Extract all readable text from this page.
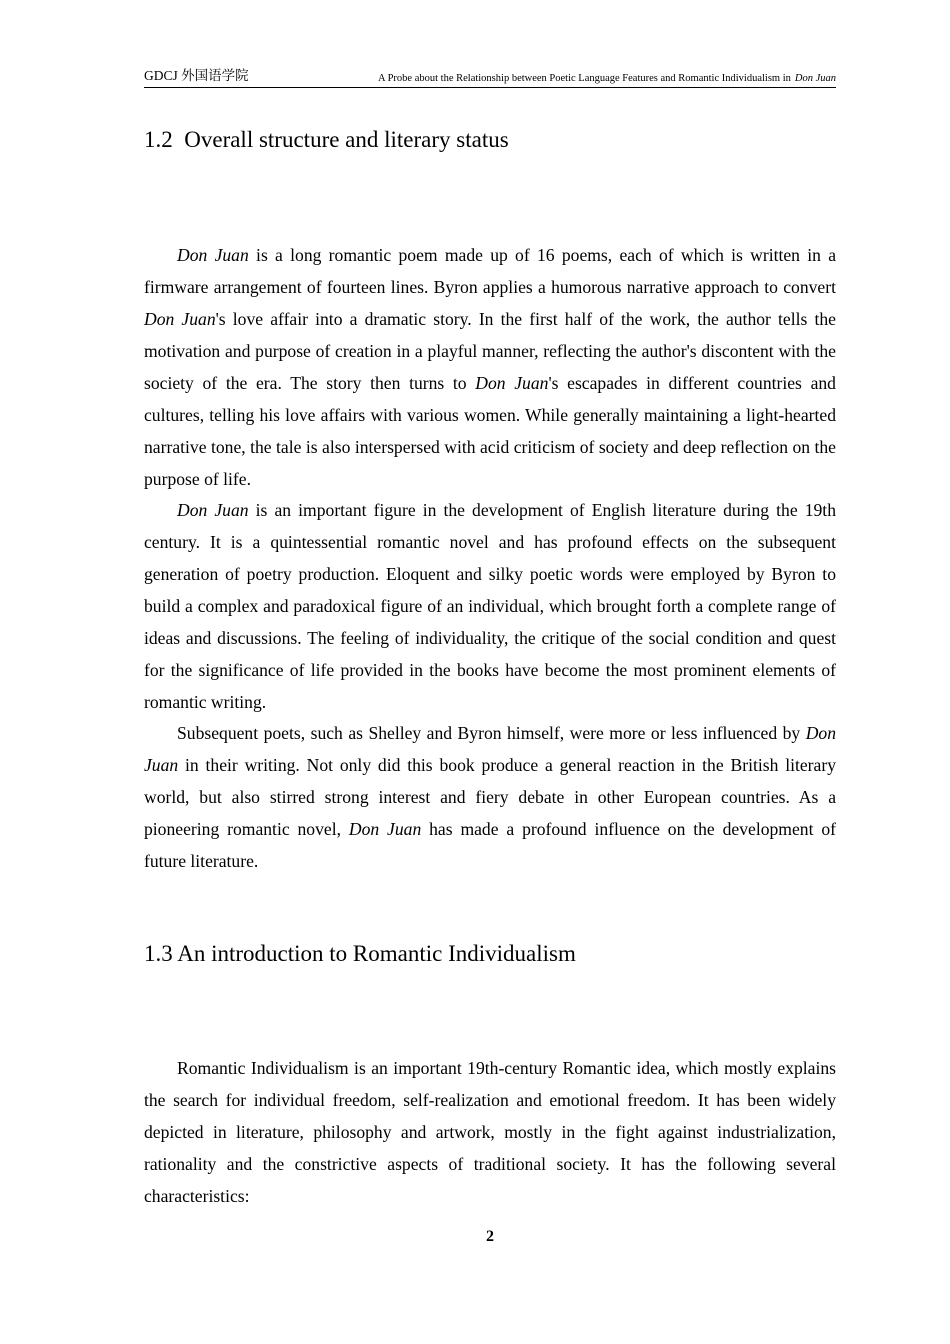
GDCJ 外国语学院	A Probe about the Relationship between Poetic Language Features and Romantic Individualism in Don Juan
1.2  Overall structure and literary status

Don Juan is a long romantic poem made up of 16 poems, each of which is written in a firmware arrangement of fourteen lines. Byron applies a humorous narrative approach to convert Don Juan's love affair into a dramatic story. In the first half of the work, the author tells the motivation and purpose of creation in a playful manner, reflecting the author's discontent with the society of the era. The story then turns to Don Juan's escapades in different countries and cultures, telling his love affairs with various women. While generally maintaining a light-hearted narrative tone, the tale is also interspersed with acid criticism of society and deep reflection on the purpose of life.

Don Juan is an important figure in the development of English literature during the 19th century. It is a quintessential romantic novel and has profound effects on the subsequent generation of poetry production. Eloquent and silky poetic words were employed by Byron to build a complex and paradoxical figure of an individual, which brought forth a complete range of ideas and discussions. The feeling of individuality, the critique of the social condition and quest for the significance of life provided in the books have become the most prominent elements of romantic writing.

Subsequent poets, such as Shelley and Byron himself, were more or less influenced by Don Juan in their writing. Not only did this book produce a general reaction in the British literary world, but also stirred strong interest and fiery debate in other European countries. As a pioneering romantic novel, Don Juan has made a profound influence on the development of future literature.

1.3 An introduction to Romantic Individualism

Romantic Individualism is an important 19th-century Romantic idea, which mostly explains the search for individual freedom, self-realization and emotional freedom. It has been widely depicted in literature, philosophy and artwork, mostly in the fight against industrialization, rationality and the constrictive aspects of traditional society. It has the following several characteristics:

2
